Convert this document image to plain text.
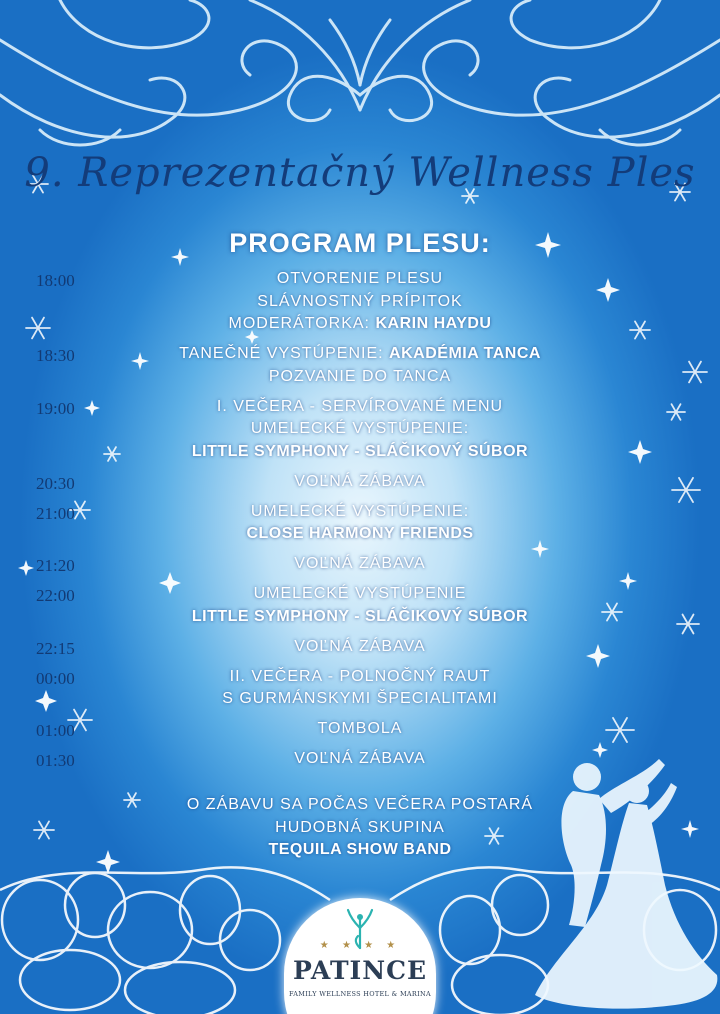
9. Reprezentačný Wellness Ples
PROGRAM PLESU:
18:00	OTVORENIE PLESU
SLÁVNOSTNÝ PRÍPITOK
MODERÁTORKA: KARIN HAYDU
18:30	TANEČNÉ VYSTÚPENIE: AKADÉMIA TANCA
POZVANIE DO TANCA
19:00	I. VEČERA - SERVÍROVANÉ MENU
UMELECKÉ VYSTÚPENIE:
LITTLE SYMPHONY - SLÁČIKOVÝ SÚBOR
20:30	VOĽNÁ ZÁBAVA
21:00	UMELECKÉ VYSTÚPENIE:
CLOSE HARMONY FRIENDS
21:20	VOĽNÁ ZÁBAVA
22:00	UMELECKÉ VYSTÚPENIE
LITTLE SYMPHONY - SLÁČIKOVÝ SÚBOR
22:15	VOĽNÁ ZÁBAVA
00:00	II. VEČERA - POLNOČNÝ RAUT
S GURMÁNSKYMI ŠPECIALITAMI
01:00	TOMBOLA
01:30	VOĽNÁ ZÁBAVA
O ZÁBAVU SA POČAS VEČERA POSTARÁ
HUDOBNÁ SKUPINA
TEQUILA SHOW BAND
★ ★ ★ ★
PATINCE
FAMILY WELLNESS HOTEL & MARINA
